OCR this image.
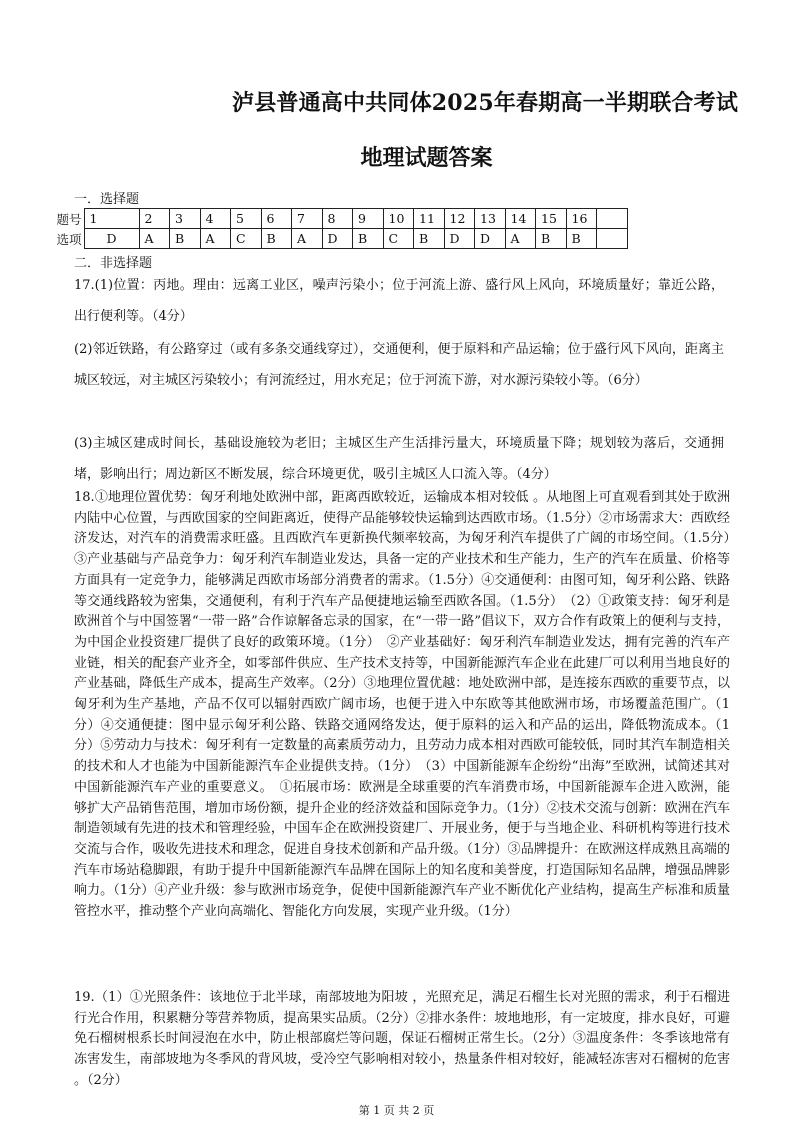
泸县普通高中共同体2025年春期高一半期联合考试
地理试题答案
一．选择题
题号	1	2	3	4	5	6	7	8	9	10	11	12	13	14	15	16	
选项	D	A	B	A	C	B	A	D	B	C	B	D	D	A	B	B	
二．非选择题
17.(1)位置：丙地。理由：远离工业区，噪声污染小；位于河流上游、盛行风上风向，环境质量好；靠近公路，出行便利等。（4分）
(2)邻近铁路，有公路穿过（或有多条交通线穿过），交通便利，便于原料和产品运输；位于盛行风下风向，距离主城区较远，对主城区污染较小；有河流经过，用水充足；位于河流下游，对水源污染较小等。（6分）
(3)主城区建成时间长，基础设施较为老旧；主城区生产生活排污量大，环境质量下降；规划较为落后，交通拥堵，影响出行；周边新区不断发展，综合环境更优，吸引主城区人口流入等。（4分）
18.①地理位置优势：匈牙利地处欧洲中部，距离西欧较近，运输成本相对较低 。从地图上可直观看到其处于欧洲内陆中心位置，与西欧国家的空间距离近，使得产品能够较快运输到达西欧市场。（1.5分）②市场需求大：西欧经济发达，对汽车的消费需求旺盛。且西欧汽车更新换代频率较高，为匈牙利汽车提供了广阔的市场空间。（1.5分）　③产业基础与产品竞争力：匈牙利汽车制造业发达，具备一定的产业技术和生产能力，生产的汽车在质量、价格等方面具有一定竞争力，能够满足西欧市场部分消费者的需求。（1.5分）④交通便利：由图可知，匈牙利公路、铁路等交通线路较为密集，交通便利，有利于汽车产品便捷地运输至西欧各国。（1.5分）　（2）①政策支持：匈牙利是欧洲首个与中国签署“一带一路”合作谅解备忘录的国家，在“一带一路”倡议下，双方合作有政策上的便利与支持，为中国企业投资建厂提供了良好的政策环境。（1分）　②产业基础好：匈牙利汽车制造业发达，拥有完善的汽车产业链，相关的配套产业齐全，如零部件供应、生产技术支持等，中国新能源汽车企业在此建厂可以利用当地良好的产业基础，降低生产成本，提高生产效率。（2分）③地理位置优越：地处欧洲中部，是连接东西欧的重要节点，以匈牙利为生产基地，产品不仅可以辐射西欧广阔市场，也便于进入中东欧等其他欧洲市场，市场覆盖范围广。（1分）④交通便捷：图中显示匈牙利公路、铁路交通网络发达，便于原料的运入和产品的运出，降低物流成本。（1分）⑤劳动力与技术：匈牙利有一定数量的高素质劳动力，且劳动力成本相对西欧可能较低，同时其汽车制造相关的技术和人才也能为中国新能源汽车企业提供支持。（1分）　（3）中国新能源车企纷纷“出海”至欧洲，试简述其对中国新能源汽车产业的重要意义。　①拓展市场：欧洲是全球重要的汽车消费市场，中国新能源车企进入欧洲，能够扩大产品销售范围，增加市场份额，提升企业的经济效益和国际竞争力。（1分）②技术交流与创新：欧洲在汽车制造领域有先进的技术和管理经验，中国车企在欧洲投资建厂、开展业务，便于与当地企业、科研机构等进行技术交流与合作，吸收先进技术和理念，促进自身技术创新和产品升级。（1分）③品牌提升：在欧洲这样成熟且高端的汽车市场站稳脚跟，有助于提升中国新能源汽车品牌在国际上的知名度和美誉度，打造国际知名品牌，增强品牌影响力。（1分）④产业升级：参与欧洲市场竞争，促使中国新能源汽车产业不断优化产业结构，提高生产标准和质量管控水平，推动整个产业向高端化、智能化方向发展，实现产业升级。（1分）
19.（1）①光照条件：该地位于北半球，南部坡地为阳坡 ，光照充足，满足石榴生长对光照的需求，利于石榴进行光合作用，积累糖分等营养物质，提高果实品质。（2分）②排水条件：坡地地形，有一定坡度，排水良好，可避免石榴树根系长时间浸泡在水中，防止根部腐烂等问题，保证石榴树正常生长。（2分）③温度条件：冬季该地常有冻害发生，南部坡地为冬季风的背风坡，受冷空气影响相对较小，热量条件相对较好，能减轻冻害对石榴树的危害 。（2分）
第 1 页 共 2 页
